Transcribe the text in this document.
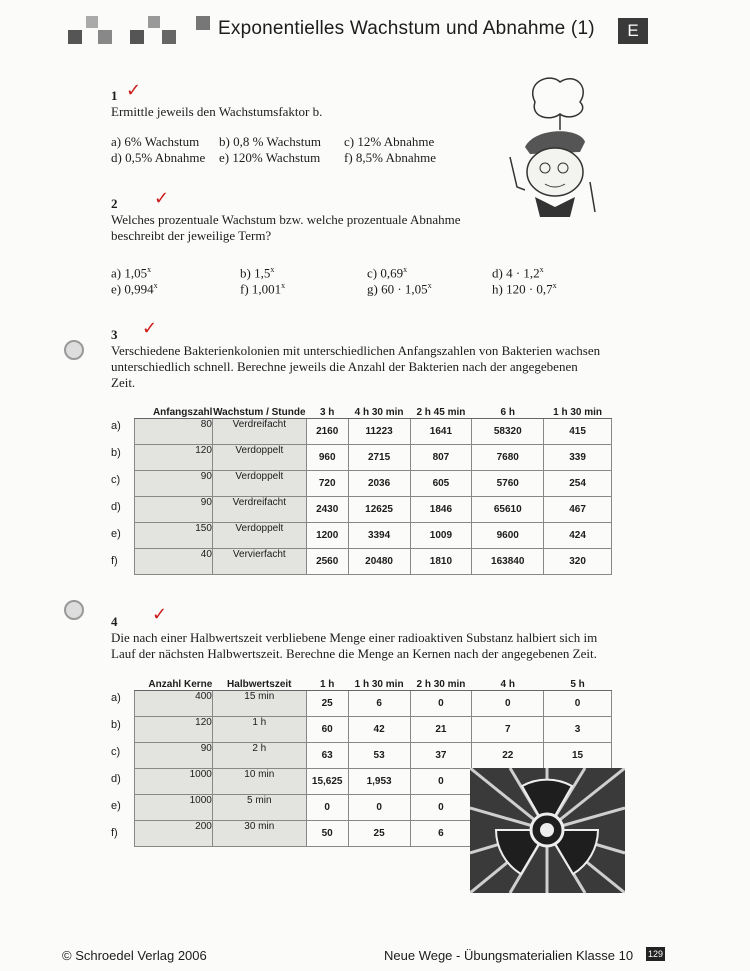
Exponentielles Wachstum und Abnahme (1)	E
1 ✓
Ermittle jeweils den Wachstumsfaktor b.
a) 6% Wachstum b) 0,8 % Wachstum c) 12% Abnahme
d) 0,5% Abnahme e) 120% Wachstum f) 8,5% Abnahme
2 ✓
Welches prozentuale Wachstum bzw. welche prozentuale Abnahme
beschreibt der jeweilige Term?
a) 1,05$^x$	b) 1,5$^x$	c) 0,69$^x$	d) $4 \cdot 1,2^x$
e) 0,994$^x$	f) 1,001$^x$	g) $60 \cdot 1,05^x$	h) $120 \cdot 0,7^x$
3 ✓
Verschiedene Bakterienkolonien mit unterschiedlichen Anfangszahlen von Bakterien wachsen
unterschiedlich schnell. Berechne jeweils die Anzahl der Bakterien nach der angegebenen
Zeit.
a)
b)
c)
d)
e)
f)
Anfangszahl	Wachstum / Stunde	3 h	4 h 30 min	2 h 45 min	6 h	1 h 30 min
80	Verdreifacht	2160	11223	1641	58320	415
120	Verdoppelt	960	2715	807	7680	339
90	Verdoppelt	720	2036	605	5760	254
90	Verdreifacht	2430	12625	1846	65610	467
150	Verdoppelt	1200	3394	1009	9600	424
40	Vervierfacht	2560	20480	1810	163840	320
4 ✓
Die nach einer Halbwertszeit verbliebene Menge einer radioaktiven Substanz halbiert sich im
Lauf der nächsten Halbwertszeit. Berechne die Menge an Kernen nach der angegebenen Zeit.
a)
b)
c)
d)
e)
f)
Anzahl Kerne	Halbwertszeit	1 h	1 h 30 min	2 h 30 min	4 h	5 h
400	15 min	25	6	0	0	0
120	1 h	60	42	21	7	3
90	2 h	63	53	37	22	15
1000	10 min	15,625	1,953	0		
1000	5 min	0	0	0		
200	30 min	50	25	6		
© Schroedel Verlag 2006	Neue Wege - Übungsmaterialien Klasse 10 129
